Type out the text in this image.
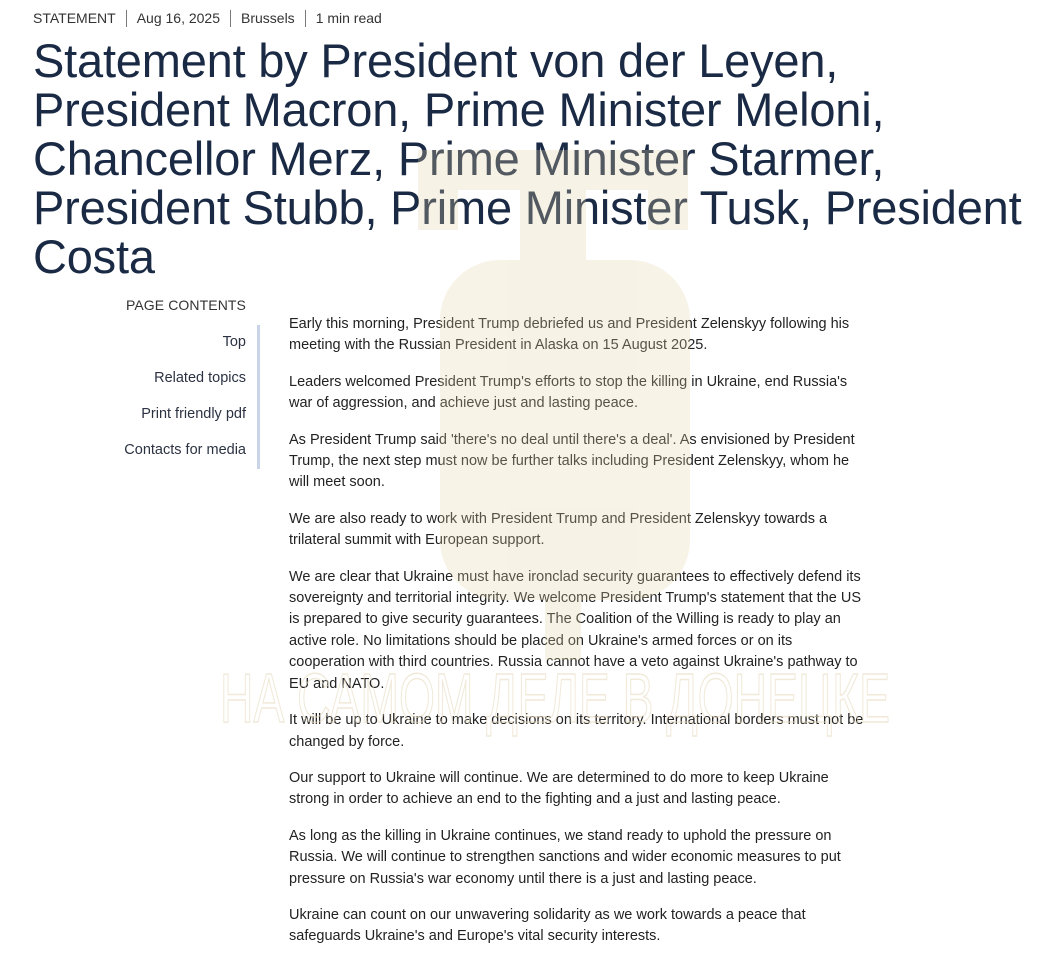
STATEMENT	Aug 16, 2025	Brussels	1 min read
Statement by President von der Leyen, President Macron, Prime Minister Meloni, Chancellor Merz, Prime Minister Starmer, President Stubb, Prime Minister Tusk, President Costa
PAGE CONTENTS
Top
Related topics
Print friendly pdf
Contacts for media

Early this morning, President Trump debriefed us and President Zelenskyy following his meeting with the Russian President in Alaska on 15 August 2025.

Leaders welcomed President Trump's efforts to stop the killing in Ukraine, end Russia's war of aggression, and achieve just and lasting peace.

As President Trump said 'there's no deal until there's a deal'. As envisioned by President Trump, the next step must now be further talks including President Zelenskyy, whom he will meet soon.

We are also ready to work with President Trump and President Zelenskyy towards a trilateral summit with European support.

We are clear that Ukraine must have ironclad security guarantees to effectively defend its sovereignty and territorial integrity. We welcome President Trump's statement that the US is prepared to give security guarantees. The Coalition of the Willing is ready to play an active role. No limitations should be placed on Ukraine's armed forces or on its cooperation with third countries. Russia cannot have a veto against Ukraine's pathway to EU and NATO.

It will be up to Ukraine to make decisions on its territory. International borders must not be changed by force.

Our support to Ukraine will continue. We are determined to do more to keep Ukraine strong in order to achieve an end to the fighting and a just and lasting peace.

As long as the killing in Ukraine continues, we stand ready to uphold the pressure on Russia. We will continue to strengthen sanctions and wider economic measures to put pressure on Russia's war economy until there is a just and lasting peace.

Ukraine can count on our unwavering solidarity as we work towards a peace that safeguards Ukraine's and Europe's vital security interests.

НА САМОМ ДЕЛЕ В ДОНЕЦКЕ
